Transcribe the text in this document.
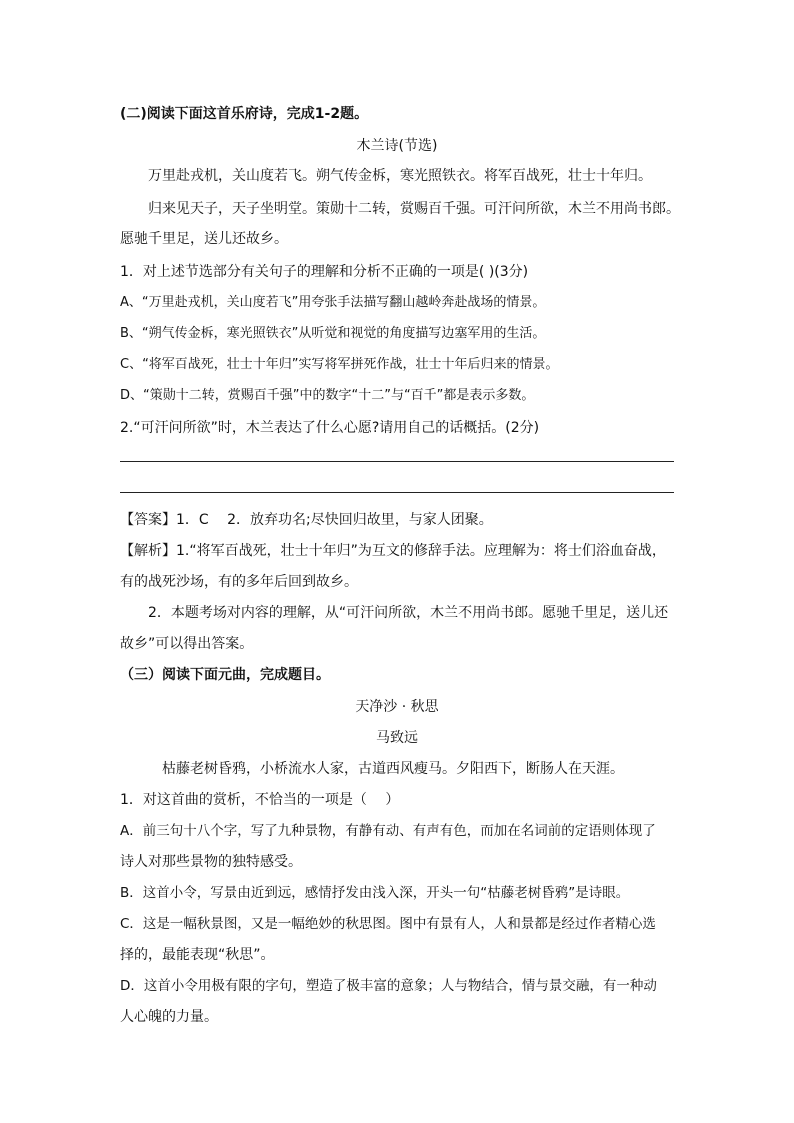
(二)阅读下面这首乐府诗，完成1-2题。
木兰诗(节选)
万里赴戎机，关山度若飞。朔气传金柝，寒光照铁衣。将军百战死，壮士十年归。
归来见天子，天子坐明堂。策勋十二转，赏赐百千强。可汗问所欲，木兰不用尚书郎。
愿驰千里足，送儿还故乡。
1．对上述节选部分有关句子的理解和分析不正确的一项是( )(3分)
A、“万里赴戎机，关山度若飞”用夸张手法描写翻山越岭奔赴战场的情景。
B、“朔气传金柝，寒光照铁衣”从听觉和视觉的角度描写边塞军用的生活。
C、“将军百战死，壮士十年归”实写将军拼死作战，壮士十年后归来的情景。
D、“策勋十二转，赏赐百千强”中的数字“十二”与“百千”都是表示多数。
2.“可汗问所欲”时，木兰表达了什么心愿?请用自己的话概括。(2分)
【答案】1．C　 2．放弃功名;尽快回归故里，与家人团聚。
【解析】1.“将军百战死，壮士十年归”为互文的修辞手法。应理解为：将士们浴血奋战，
有的战死沙场，有的多年后回到故乡。
2．本题考场对内容的理解，从“可汗问所欲，木兰不用尚书郎。愿驰千里足，送儿还
故乡”可以得出答案。
（三）阅读下面元曲，完成题目。
天净沙 · 秋思
马致远
枯藤老树昏鸦，小桥流水人家，古道西风瘦马。夕阳西下，断肠人在天涯。
1．对这首曲的赏析，不恰当的一项是（　 ）
A．前三句十八个字，写了九种景物，有静有动、有声有色，而加在名词前的定语则体现了
诗人对那些景物的独特感受。
B．这首小令，写景由近到远，感情抒发由浅入深，开头一句“枯藤老树昏鸦”是诗眼。
C．这是一幅秋景图，又是一幅绝妙的秋思图。图中有景有人，人和景都是经过作者精心选
择的，最能表现“秋思”。
D．这首小令用极有限的字句，塑造了极丰富的意象；人与物结合，情与景交融，有一种动
人心魄的力量。
